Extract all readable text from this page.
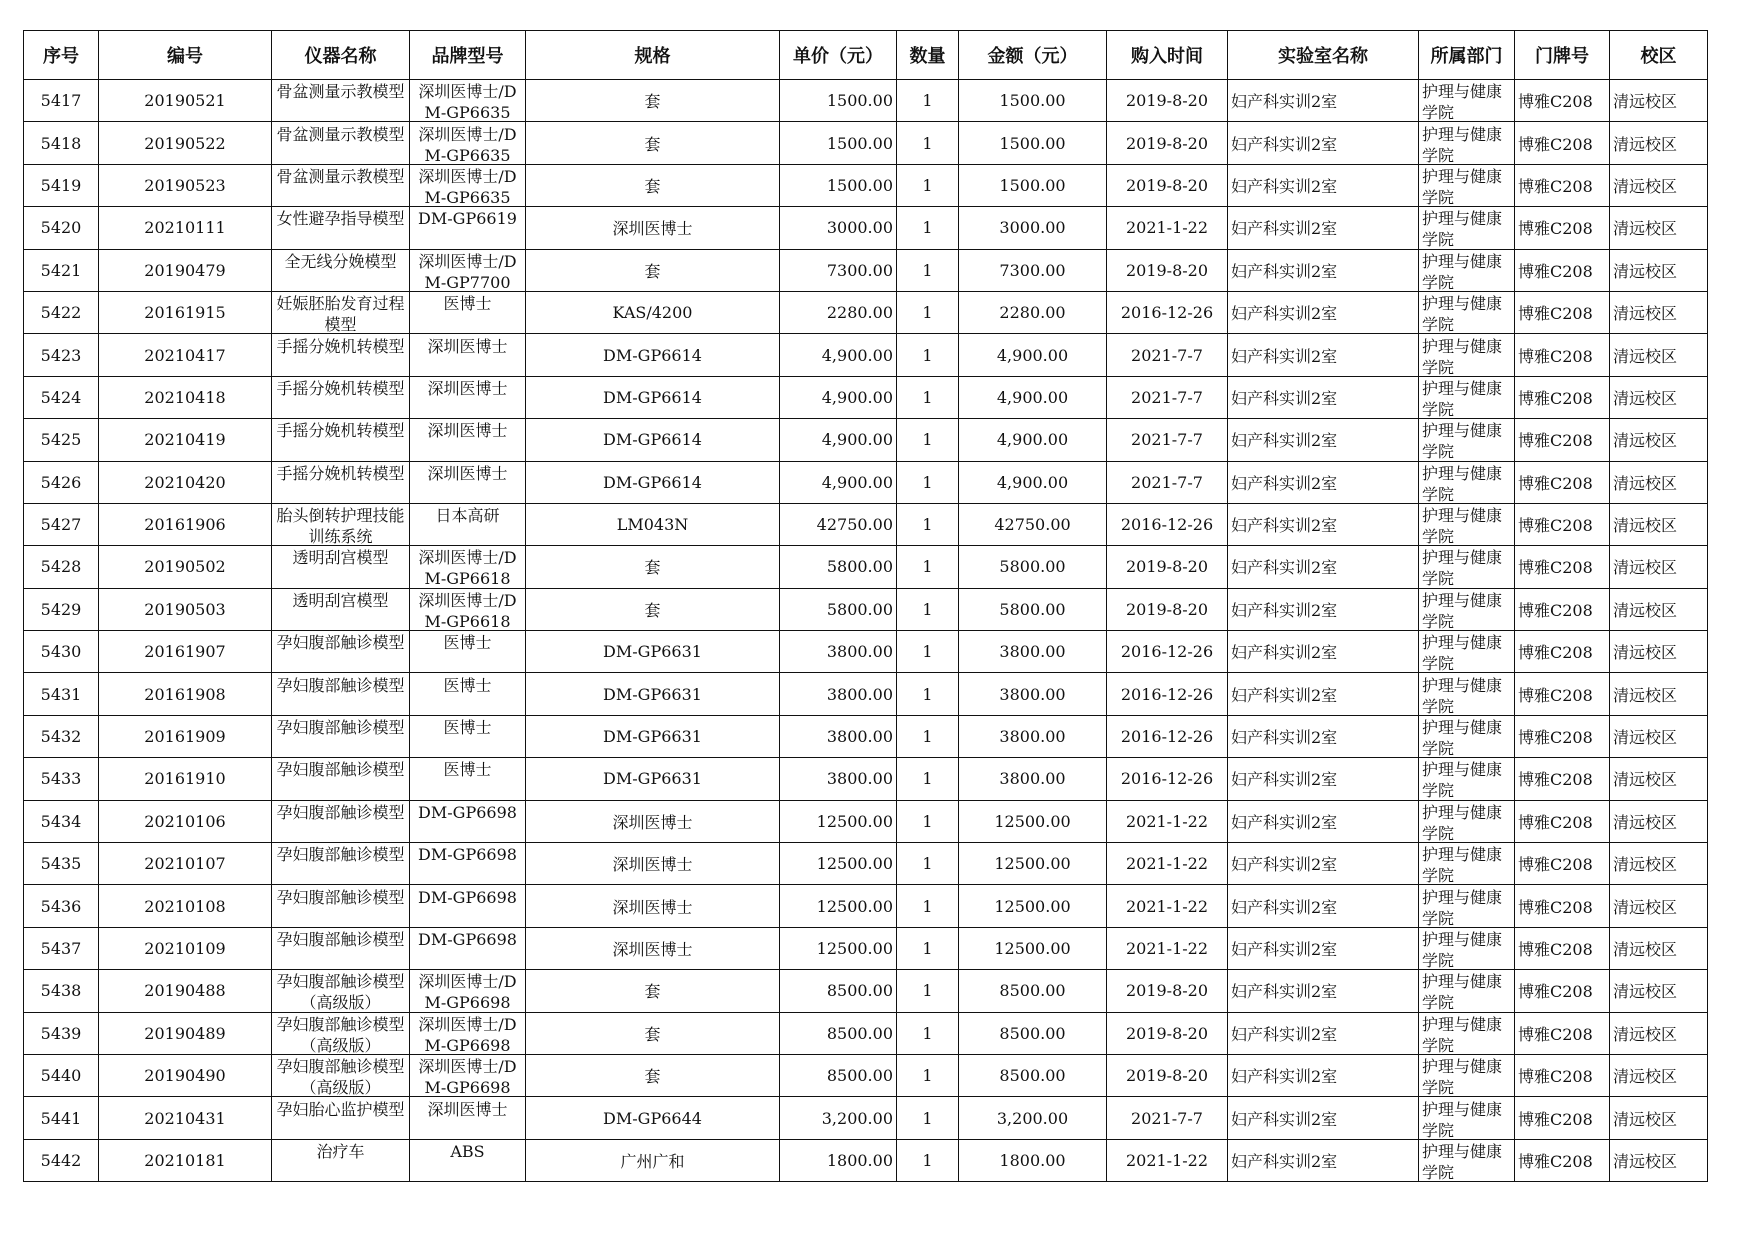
序号	编号	仪器名称	品牌型号	规格	单价（元）	数量	金额（元）	购入时间	实验室名称	所属部门	门牌号	校区
5417	20190521	骨盆测量示教模型	深圳医博士/DM-GP6635	套	1500.00	1	1500.00	2019-8-20	妇产科实训2室	护理与健康学院	博雅C208	清远校区
5418	20190522	骨盆测量示教模型	深圳医博士/DM-GP6635	套	1500.00	1	1500.00	2019-8-20	妇产科实训2室	护理与健康学院	博雅C208	清远校区
5419	20190523	骨盆测量示教模型	深圳医博士/DM-GP6635	套	1500.00	1	1500.00	2019-8-20	妇产科实训2室	护理与健康学院	博雅C208	清远校区
5420	20210111	女性避孕指导模型	DM-GP6619	深圳医博士	3000.00	1	3000.00	2021-1-22	妇产科实训2室	护理与健康学院	博雅C208	清远校区
5421	20190479	全无线分娩模型	深圳医博士/DM-GP7700	套	7300.00	1	7300.00	2019-8-20	妇产科实训2室	护理与健康学院	博雅C208	清远校区
5422	20161915	妊娠胚胎发育过程模型	医博士	KAS/4200	2280.00	1	2280.00	2016-12-26	妇产科实训2室	护理与健康学院	博雅C208	清远校区
5423	20210417	手摇分娩机转模型	深圳医博士	DM-GP6614	4,900.00	1	4,900.00	2021-7-7	妇产科实训2室	护理与健康学院	博雅C208	清远校区
5424	20210418	手摇分娩机转模型	深圳医博士	DM-GP6614	4,900.00	1	4,900.00	2021-7-7	妇产科实训2室	护理与健康学院	博雅C208	清远校区
5425	20210419	手摇分娩机转模型	深圳医博士	DM-GP6614	4,900.00	1	4,900.00	2021-7-7	妇产科实训2室	护理与健康学院	博雅C208	清远校区
5426	20210420	手摇分娩机转模型	深圳医博士	DM-GP6614	4,900.00	1	4,900.00	2021-7-7	妇产科实训2室	护理与健康学院	博雅C208	清远校区
5427	20161906	胎头倒转护理技能训练系统	日本高研	LM043N	42750.00	1	42750.00	2016-12-26	妇产科实训2室	护理与健康学院	博雅C208	清远校区
5428	20190502	透明刮宫模型	深圳医博士/DM-GP6618	套	5800.00	1	5800.00	2019-8-20	妇产科实训2室	护理与健康学院	博雅C208	清远校区
5429	20190503	透明刮宫模型	深圳医博士/DM-GP6618	套	5800.00	1	5800.00	2019-8-20	妇产科实训2室	护理与健康学院	博雅C208	清远校区
5430	20161907	孕妇腹部触诊模型	医博士	DM-GP6631	3800.00	1	3800.00	2016-12-26	妇产科实训2室	护理与健康学院	博雅C208	清远校区
5431	20161908	孕妇腹部触诊模型	医博士	DM-GP6631	3800.00	1	3800.00	2016-12-26	妇产科实训2室	护理与健康学院	博雅C208	清远校区
5432	20161909	孕妇腹部触诊模型	医博士	DM-GP6631	3800.00	1	3800.00	2016-12-26	妇产科实训2室	护理与健康学院	博雅C208	清远校区
5433	20161910	孕妇腹部触诊模型	医博士	DM-GP6631	3800.00	1	3800.00	2016-12-26	妇产科实训2室	护理与健康学院	博雅C208	清远校区
5434	20210106	孕妇腹部触诊模型	DM-GP6698	深圳医博士	12500.00	1	12500.00	2021-1-22	妇产科实训2室	护理与健康学院	博雅C208	清远校区
5435	20210107	孕妇腹部触诊模型	DM-GP6698	深圳医博士	12500.00	1	12500.00	2021-1-22	妇产科实训2室	护理与健康学院	博雅C208	清远校区
5436	20210108	孕妇腹部触诊模型	DM-GP6698	深圳医博士	12500.00	1	12500.00	2021-1-22	妇产科实训2室	护理与健康学院	博雅C208	清远校区
5437	20210109	孕妇腹部触诊模型	DM-GP6698	深圳医博士	12500.00	1	12500.00	2021-1-22	妇产科实训2室	护理与健康学院	博雅C208	清远校区
5438	20190488	孕妇腹部触诊模型（高级版）	深圳医博士/DM-GP6698	套	8500.00	1	8500.00	2019-8-20	妇产科实训2室	护理与健康学院	博雅C208	清远校区
5439	20190489	孕妇腹部触诊模型（高级版）	深圳医博士/DM-GP6698	套	8500.00	1	8500.00	2019-8-20	妇产科实训2室	护理与健康学院	博雅C208	清远校区
5440	20190490	孕妇腹部触诊模型（高级版）	深圳医博士/DM-GP6698	套	8500.00	1	8500.00	2019-8-20	妇产科实训2室	护理与健康学院	博雅C208	清远校区
5441	20210431	孕妇胎心监护模型	深圳医博士	DM-GP6644	3,200.00	1	3,200.00	2021-7-7	妇产科实训2室	护理与健康学院	博雅C208	清远校区
5442	20210181	治疗车	ABS	广州广和	1800.00	1	1800.00	2021-1-22	妇产科实训2室	护理与健康学院	博雅C208	清远校区
